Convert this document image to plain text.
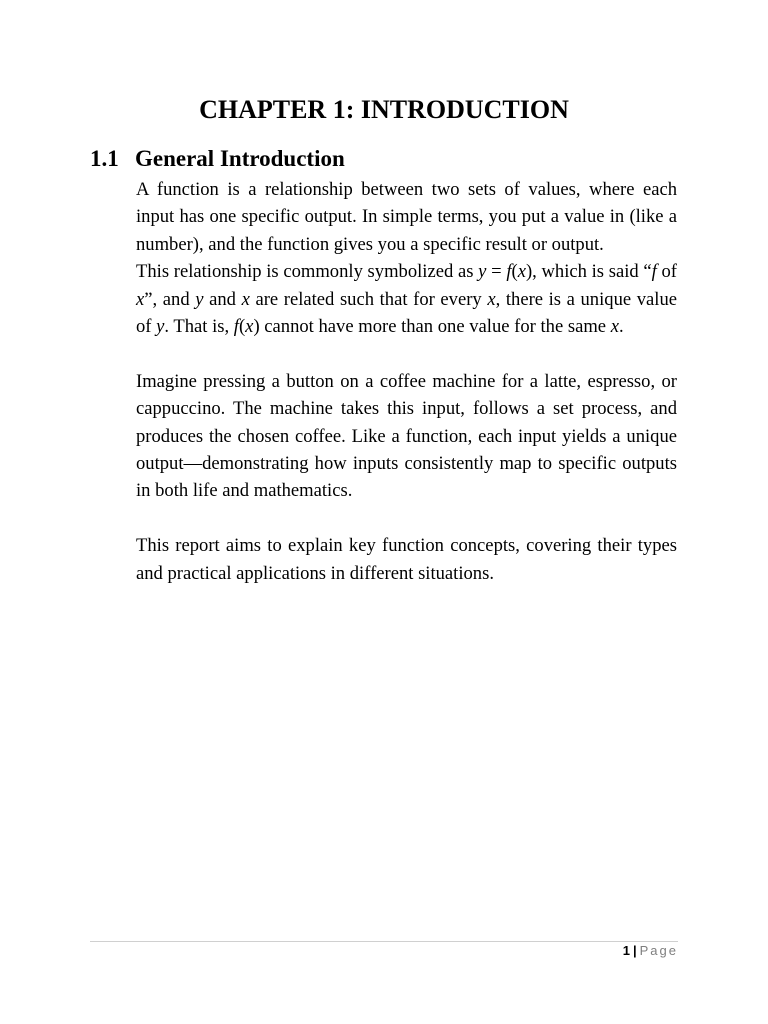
CHAPTER 1: INTRODUCTION
1.1 General Introduction

A function is a relationship between two sets of values, where each input has one specific output. In simple terms, you put a value in (like a number), and the function gives you a specific result or output.

This relationship is commonly symbolized as y = f(x), which is said “f of x”, and y and x are related such that for every x, there is a unique value of y. That is, f(x) cannot have more than one value for the same x.

Imagine pressing a button on a coffee machine for a latte, espresso, or cappuccino. The machine takes this input, follows a set process, and produces the chosen coffee. Like a function, each input yields a unique output—demonstrating how inputs consistently map to specific outputs in both life and mathematics.

This report aims to explain key function concepts, covering their types and practical applications in different situations.

1 | Page
